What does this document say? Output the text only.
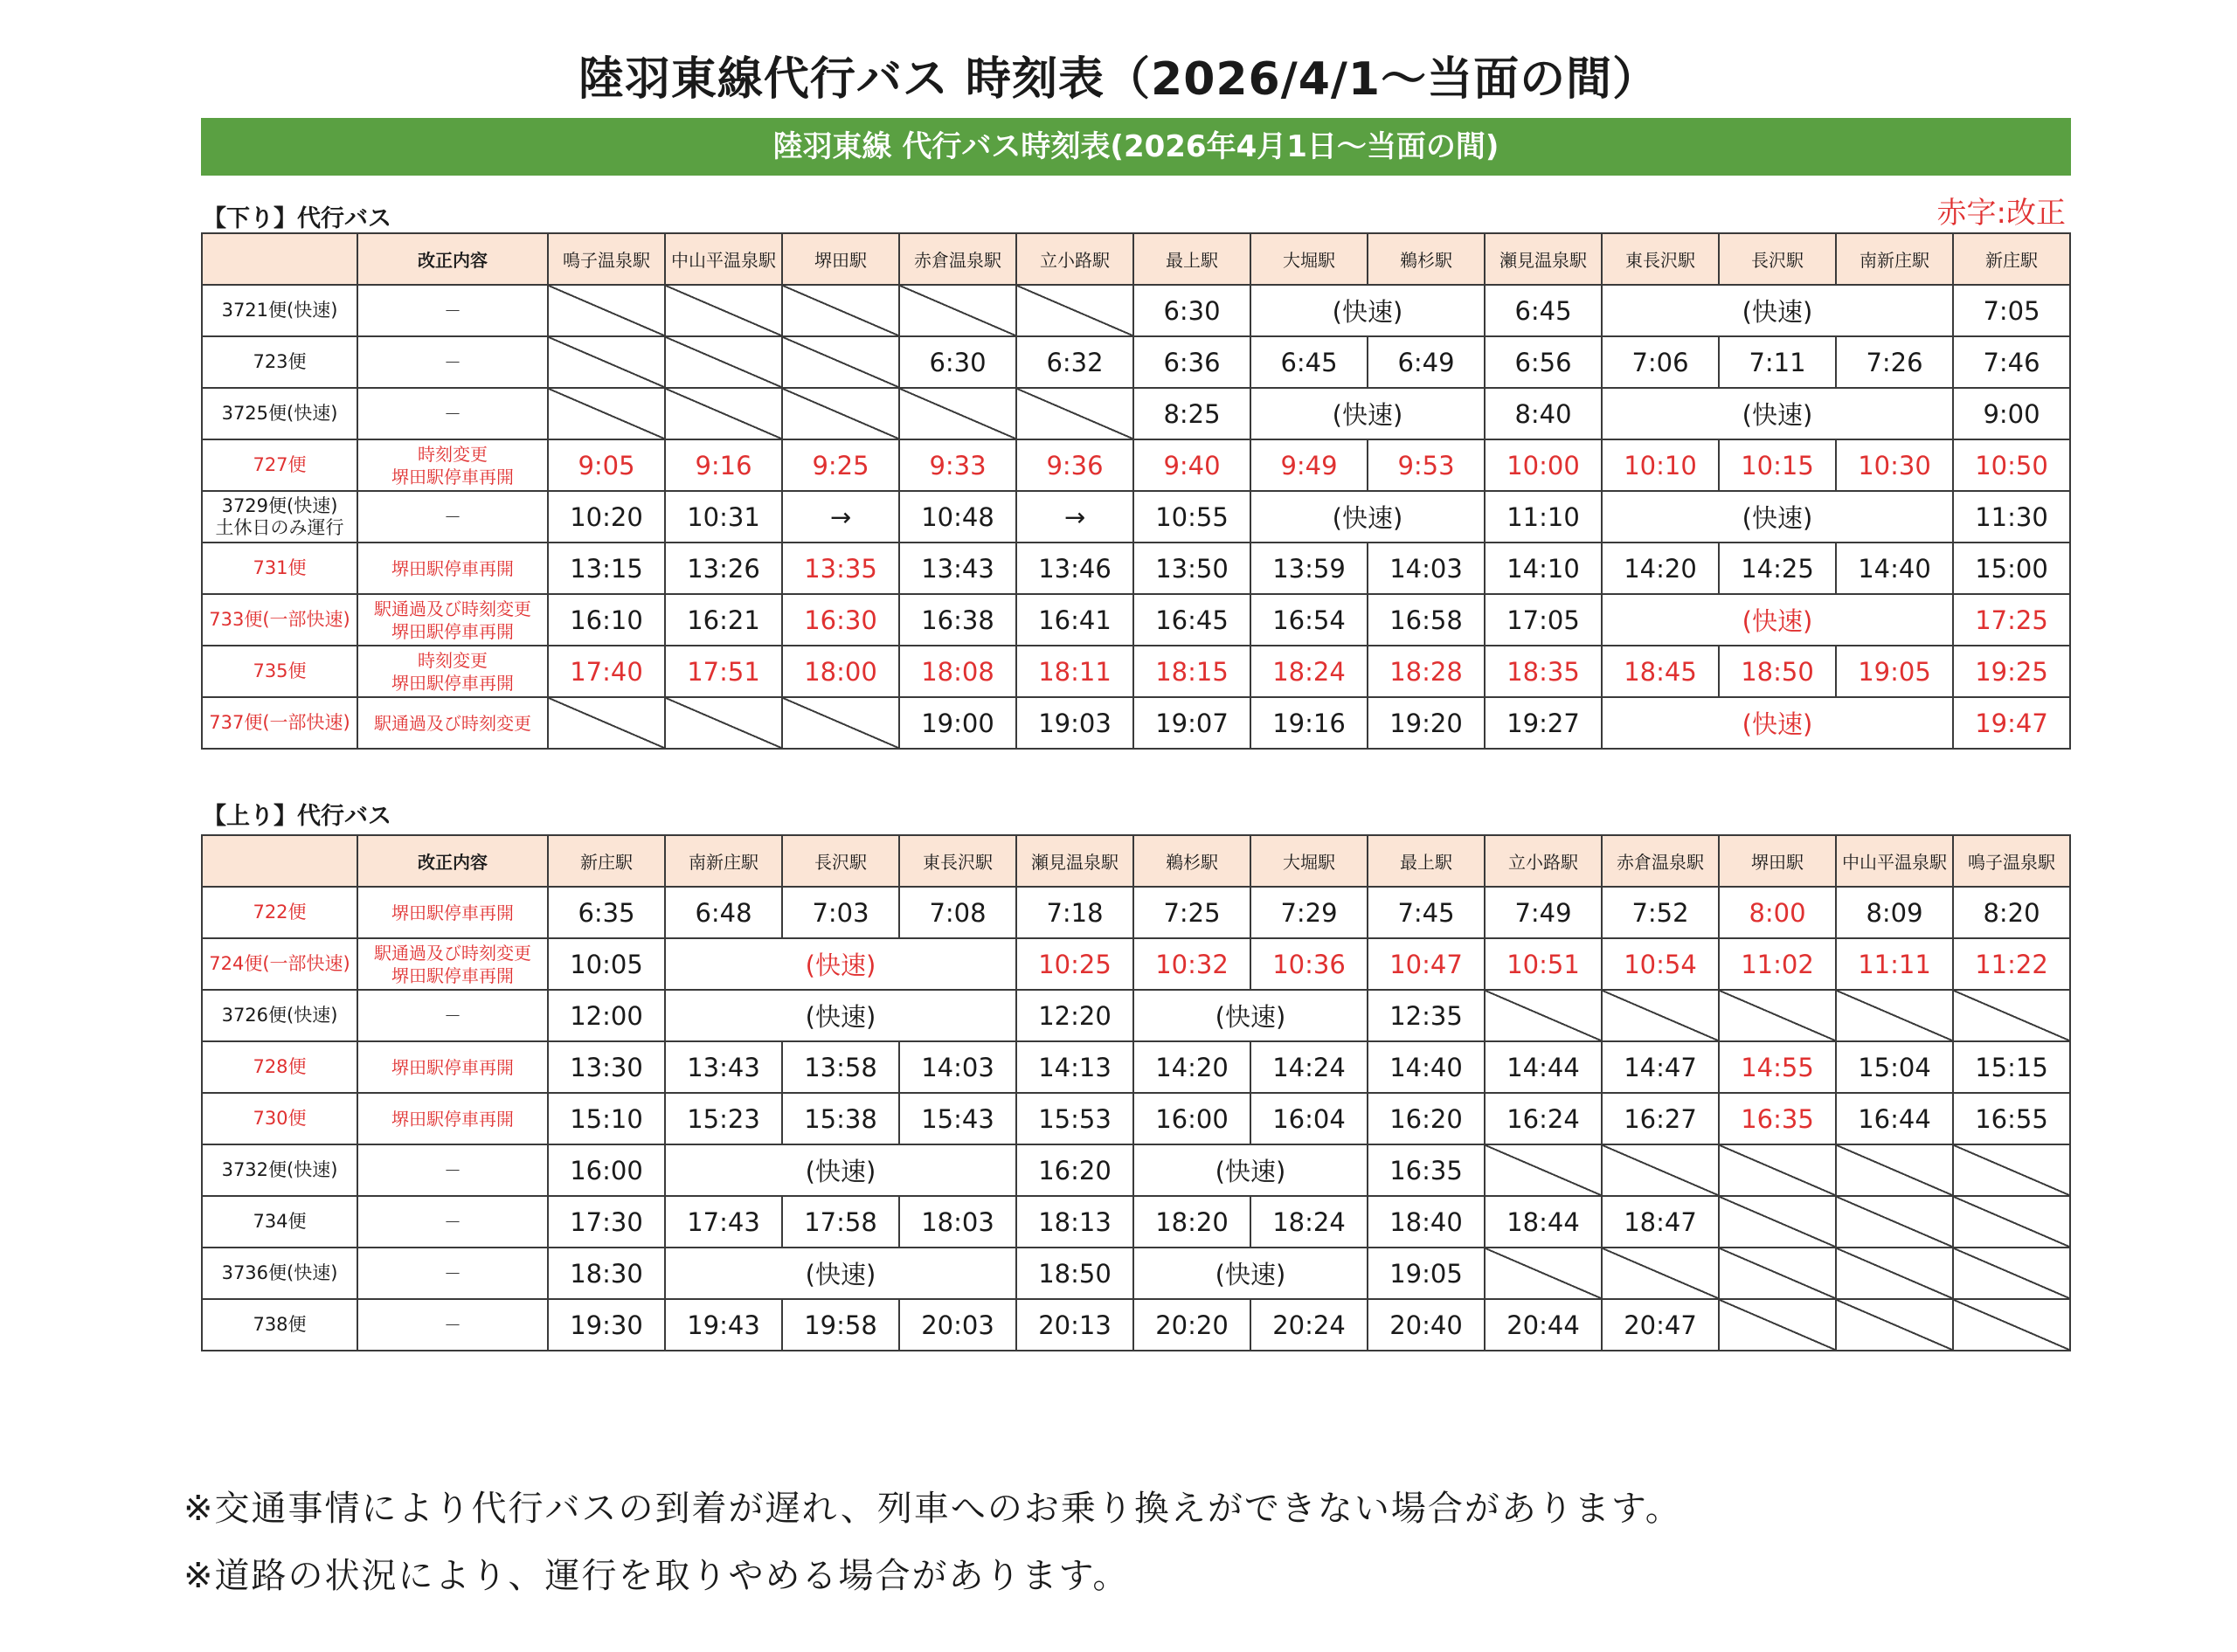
陸羽東線代行バス 時刻表（2026/4/1～当面の間）
陸羽東線 代行バス時刻表(2026年4月1日～当面の間)
【下り】代行バス	赤字:改正
	改正内容	鳴子温泉駅	中山平温泉駅	堺田駅	赤倉温泉駅	立小路駅	最上駅	大堀駅	鵜杉駅	瀬見温泉駅	東長沢駅	長沢駅	南新庄駅	新庄駅

3721便(快速)	－						6:30	(快速)		6:45	(快速)			7:05

723便	－				6:30	6:32	6:36	6:45	6:49	6:56	7:06	7:11	7:26	7:46

3725便(快速)	－						8:25	(快速)		8:40	(快速)			9:00

727便	時刻変更
堺田駅停車再開	9:05	9:16	9:25	9:33	9:36	9:40	9:49	9:53	10:00	10:10	10:15	10:30	10:50

3729便(快速)
土休日のみ運行	－	10:20	10:31	→	10:48	→	10:55	(快速)		11:10	(快速)			11:30

731便	堺田駅停車再開	13:15	13:26	13:35	13:43	13:46	13:50	13:59	14:03	14:10	14:20	14:25	14:40	15:00

733便(一部快速)	駅通過及び時刻変更
堺田駅停車再開	16:10	16:21	16:30	16:38	16:41	16:45	16:54	16:58	17:05	(快速)			17:25

735便	時刻変更
堺田駅停車再開	17:40	17:51	18:00	18:08	18:11	18:15	18:24	18:28	18:35	18:45	18:50	19:05	19:25

737便(一部快速)	駅通過及び時刻変更				19:00	19:03	19:07	19:16	19:20	19:27	(快速)			19:47
【上り】代行バス
	改正内容	新庄駅	南新庄駅	長沢駅	東長沢駅	瀬見温泉駅	鵜杉駅	大堀駅	最上駅	立小路駅	赤倉温泉駅	堺田駅	中山平温泉駅	鳴子温泉駅

722便	堺田駅停車再開	6:35	6:48	7:03	7:08	7:18	7:25	7:29	7:45	7:49	7:52	8:00	8:09	8:20

724便(一部快速)	駅通過及び時刻変更
堺田駅停車再開	10:05	(快速)			10:25	10:32	10:36	10:47	10:51	10:54	11:02	11:11	11:22

3726便(快速)	－	12:00	(快速)			12:20	(快速)		12:35					

728便	堺田駅停車再開	13:30	13:43	13:58	14:03	14:13	14:20	14:24	14:40	14:44	14:47	14:55	15:04	15:15

730便	堺田駅停車再開	15:10	15:23	15:38	15:43	15:53	16:00	16:04	16:20	16:24	16:27	16:35	16:44	16:55

3732便(快速)	－	16:00	(快速)			16:20	(快速)		16:35					

734便	－	17:30	17:43	17:58	18:03	18:13	18:20	18:24	18:40	18:44	18:47			

3736便(快速)	－	18:30	(快速)			18:50	(快速)		19:05					

738便	－	19:30	19:43	19:58	20:03	20:13	20:20	20:24	20:40	20:44	20:47			
※交通事情により代行バスの到着が遅れ、列車へのお乗り換えができない場合があります。
※道路の状況により、運行を取りやめる場合があります。
